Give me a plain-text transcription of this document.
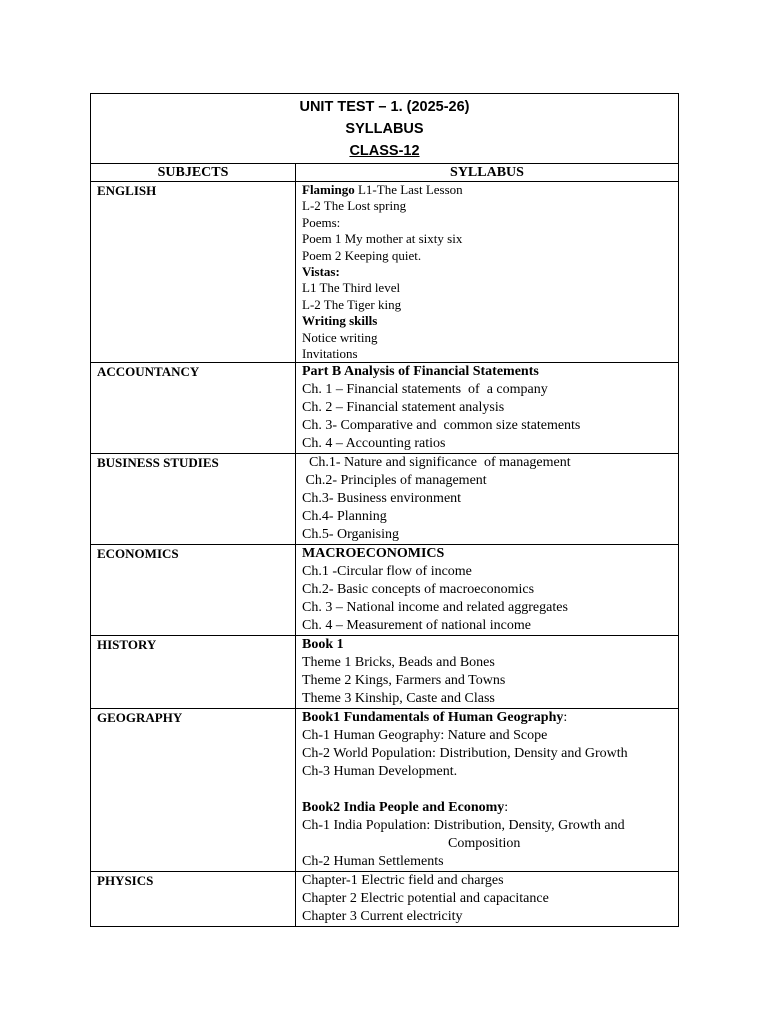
UNIT TEST – 1. (2025-26)
SYLLABUS
CLASS-12
SUBJECTS	SYLLABUS
ENGLISH	Flamingo L1-The Last Lesson
L-2 The Lost spring
Poems:
Poem 1 My mother at sixty six
Poem 2 Keeping quiet.
Vistas:
L1 The Third level
L-2 The Tiger king
Writing skills
Notice writing
Invitations
ACCOUNTANCY	Part B Analysis of Financial Statements
Ch. 1 – Financial statements  of  a company
Ch. 2 – Financial statement analysis
Ch. 3- Comparative and  common size statements
Ch. 4 – Accounting ratios
BUSINESS STUDIES	Ch.1- Nature and significance  of management
Ch.2- Principles of management
Ch.3- Business environment
Ch.4- Planning
Ch.5- Organising
ECONOMICS	MACROECONOMICS
Ch.1 -Circular flow of income
Ch.2- Basic concepts of macroeconomics
Ch. 3 – National income and related aggregates
Ch. 4 – Measurement of national income
HISTORY	Book 1
Theme 1 Bricks, Beads and Bones
Theme 2 Kings, Farmers and Towns
Theme 3 Kinship, Caste and Class
GEOGRAPHY	Book1 Fundamentals of Human Geography:
Ch-1 Human Geography: Nature and Scope
Ch-2 World Population: Distribution, Density and Growth
Ch-3 Human Development.
Book2 India People and Economy:
Ch-1 India Population: Distribution, Density, Growth and
Composition
Ch-2 Human Settlements
PHYSICS	Chapter-1 Electric field and charges
Chapter 2 Electric potential and capacitance
Chapter 3 Current electricity
